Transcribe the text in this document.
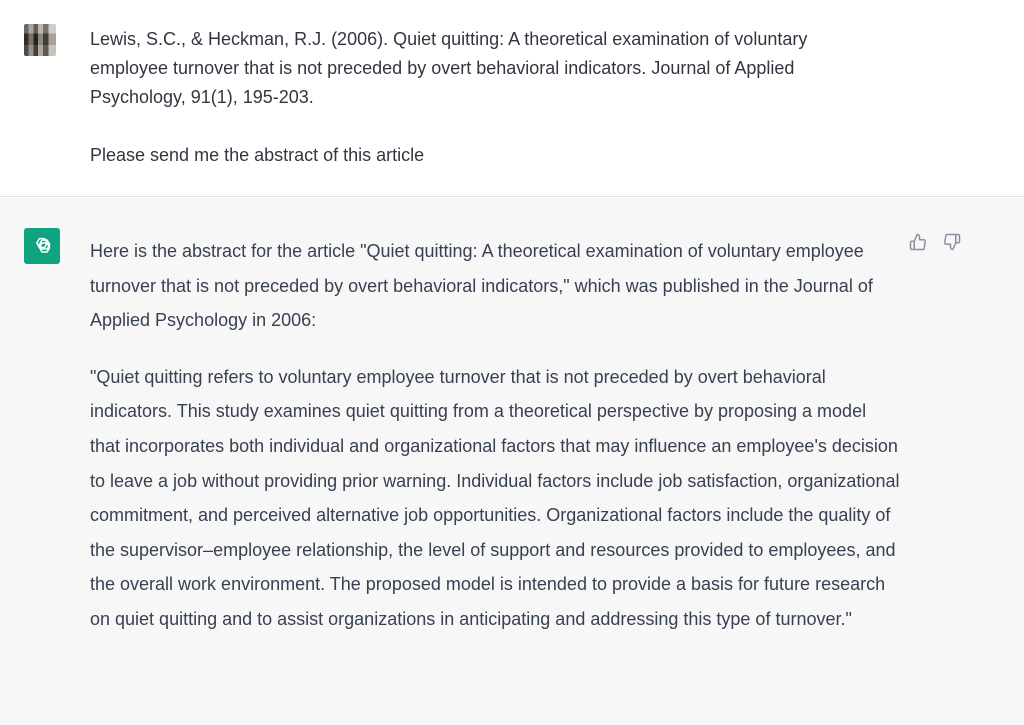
Lewis, S.C., & Heckman, R.J. (2006). Quiet quitting: A theoretical examination of voluntary employee turnover that is not preceded by overt behavioral indicators. Journal of Applied Psychology, 91(1), 195-203.

Please send me the abstract of this article

Here is the abstract for the article "Quiet quitting: A theoretical examination of voluntary employee turnover that is not preceded by overt behavioral indicators," which was published in the Journal of Applied Psychology in 2006:

"Quiet quitting refers to voluntary employee turnover that is not preceded by overt behavioral indicators. This study examines quiet quitting from a theoretical perspective by proposing a model that incorporates both individual and organizational factors that may influence an employee's decision to leave a job without providing prior warning. Individual factors include job satisfaction, organizational commitment, and perceived alternative job opportunities. Organizational factors include the quality of the supervisor–employee relationship, the level of support and resources provided to employees, and the overall work environment. The proposed model is intended to provide a basis for future research on quiet quitting and to assist organizations in anticipating and addressing this type of turnover."
